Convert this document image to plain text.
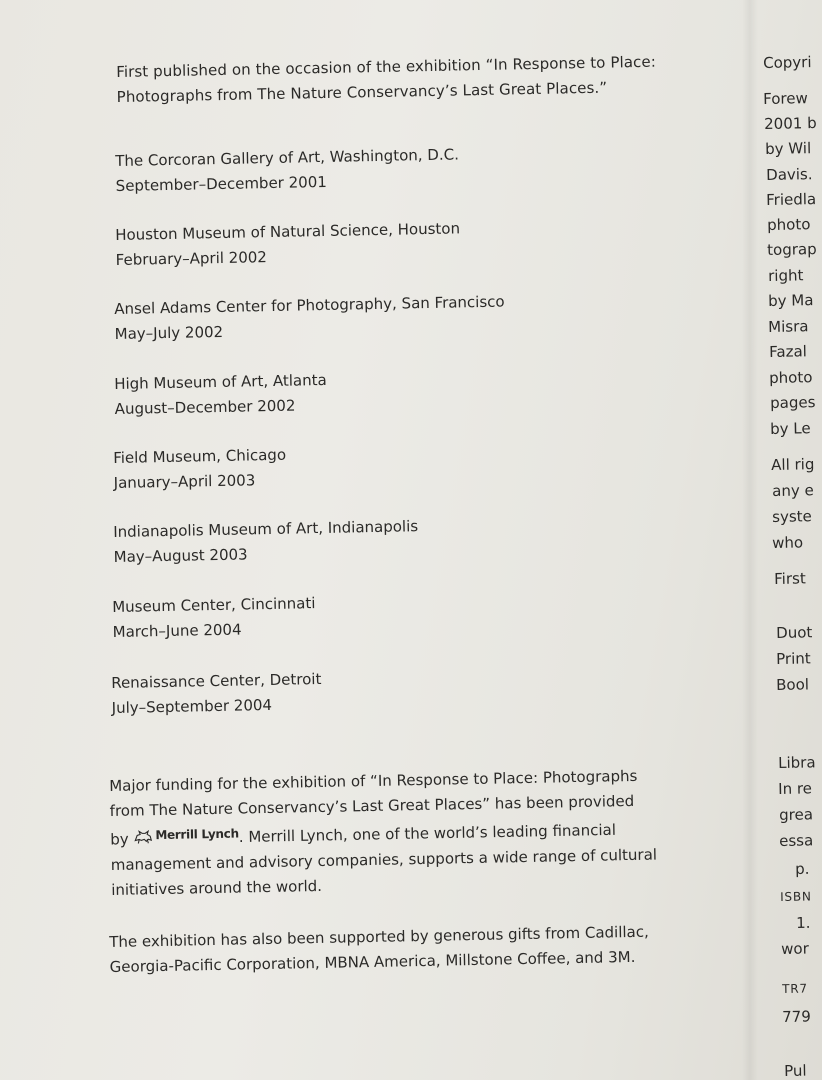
First published on the occasion of the exhibition “In Response to Place:
Photographs from The Nature Conservancy’s Last Great Places.”
The Corcoran Gallery of Art, Washington, D.C.
September–December 2001
Houston Museum of Natural Science, Houston
February–April 2002
Ansel Adams Center for Photography, San Francisco
May–July 2002
High Museum of Art, Atlanta
August–December 2002
Field Museum, Chicago
January–April 2003
Indianapolis Museum of Art, Indianapolis
May–August 2003
Museum Center, Cincinnati
March–June 2004
Renaissance Center, Detroit
July–September 2004
Major funding for the exhibition of “In Response to Place: Photographs
from The Nature Conservancy’s Last Great Places” has been provided
by Merrill Lynch . Merrill Lynch, one of the world’s leading financial
management and advisory companies, supports a wide range of cultural
initiatives around the world.
The exhibition has also been supported by generous gifts from Cadillac,
Georgia-Pacific Corporation, MBNA America, Millstone Coffee, and 3M.
Copyri
Forew
2001 b
by Wil
Davis.
Friedla
photo
tograp
right
by Ma
Misra
Fazal
photo
pages
by Le
All rig
any e
syste
who
First
Duot
Print
Bool
Libra
In re
grea
essa
p.
ISBN
1.
wor
TR7
779
Pul
